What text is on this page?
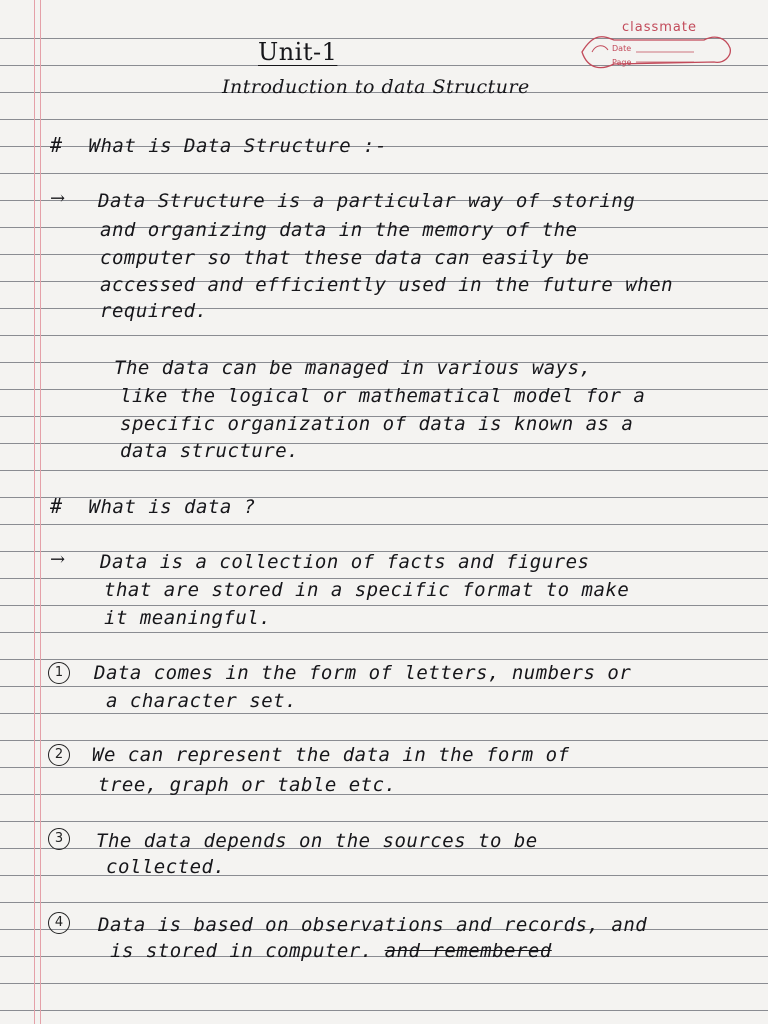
classmate
Date
Page
Unit-1
Introduction to data Structure
# What is Data Structure :-
→ Data Structure is a particular way of storing
and organizing data in the memory of the
computer so that these data can easily be
accessed and efficiently used in the future when
required.
The data can be managed in various ways,
like the logical or mathematical model for a
specific organization of data is known as a
data structure.
# What is data ?
→ Data is a collection of facts and figures
that are stored in a specific format to make
it meaningful.
1	Data comes in the form of letters, numbers or
a character set.
2	We can represent the data in the form of
tree, graph or table etc.
3	The data depends on the sources to be
collected.
4	Data is based on observations and records, and
is stored in computer. and remembered
